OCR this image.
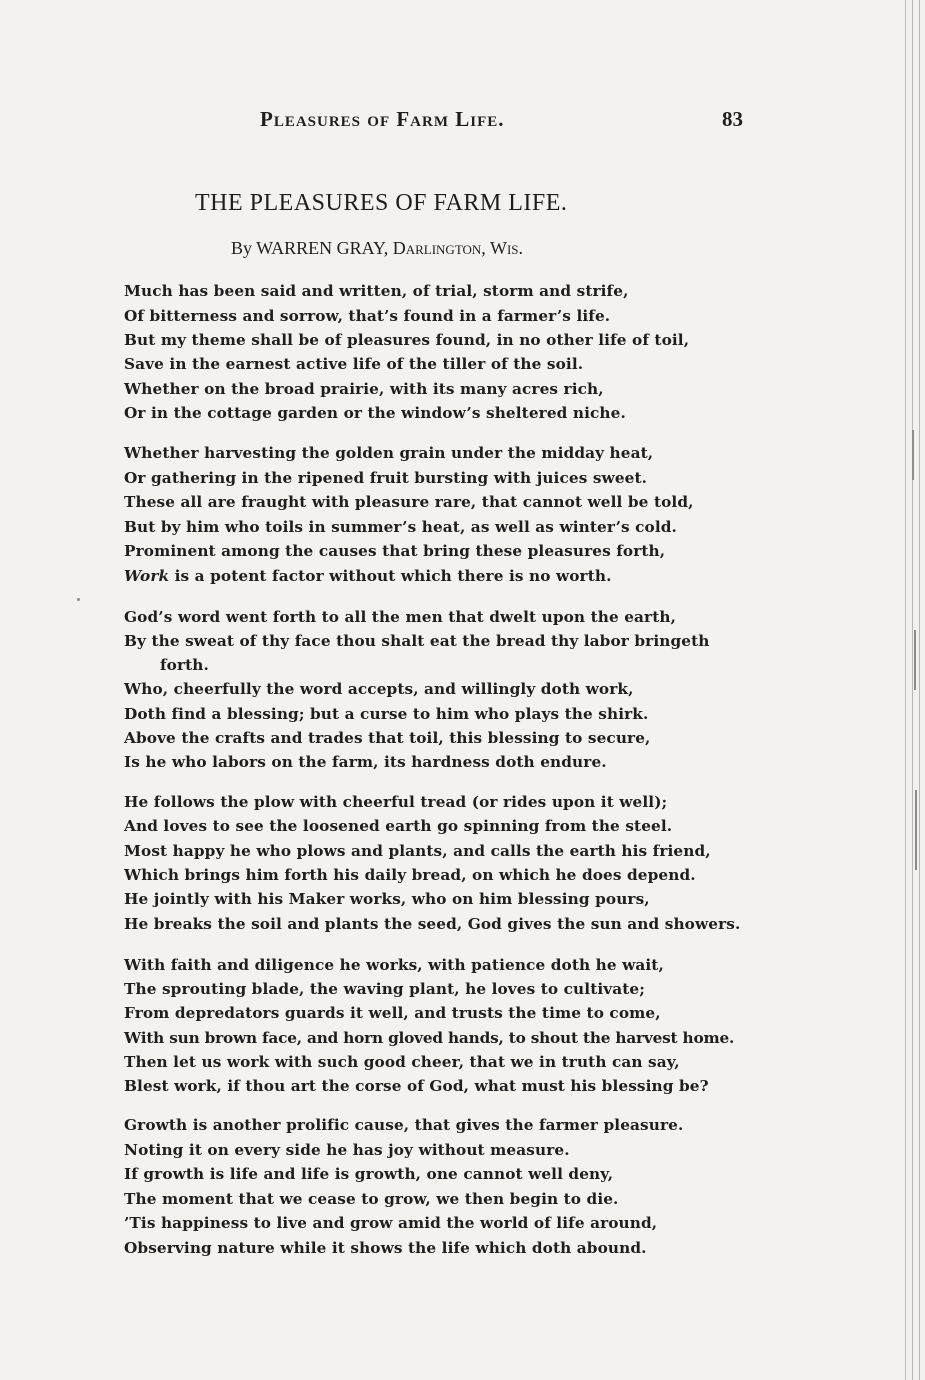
Pleasures of Farm Life.	83
THE PLEASURES OF FARM LIFE.
By WARREN GRAY, Darlington, Wis.
Much has been said and written, of trial, storm and strife,
Of bitterness and sorrow, that’s found in a farmer’s life.
But my theme shall be of pleasures found, in no other life of toil,
Save in the earnest active life of the tiller of the soil.
Whether on the broad prairie, with its many acres rich,
Or in the cottage garden or the window’s sheltered niche.
Whether harvesting the golden grain under the midday heat,
Or gathering in the ripened fruit bursting with juices sweet.
These all are fraught with pleasure rare, that cannot well be told,
But by him who toils in summer’s heat, as well as winter’s cold.
Prominent among the causes that bring these pleasures forth,
Work is a potent factor without which there is no worth.
God’s word went forth to all the men that dwelt upon the earth,
By the sweat of thy face thou shalt eat the bread thy labor bringeth
forth.
Who, cheerfully the word accepts, and willingly doth work,
Doth find a blessing; but a curse to him who plays the shirk.
Above the crafts and trades that toil, this blessing to secure,
Is he who labors on the farm, its hardness doth endure.
He follows the plow with cheerful tread (or rides upon it well);
And loves to see the loosened earth go spinning from the steel.
Most happy he who plows and plants, and calls the earth his friend,
Which brings him forth his daily bread, on which he does depend.
He jointly with his Maker works, who on him blessing pours,
He breaks the soil and plants the seed, God gives the sun and showers.
With faith and diligence he works, with patience doth he wait,
The sprouting blade, the waving plant, he loves to cultivate;
From depredators guards it well, and trusts the time to come,
With sun brown face, and horn gloved hands, to shout the harvest home.
Then let us work with such good cheer, that we in truth can say,
Blest work, if thou art the corse of God, what must his blessing be?
Growth is another prolific cause, that gives the farmer pleasure.
Noting it on every side he has joy without measure.
If growth is life and life is growth, one cannot well deny,
The moment that we cease to grow, we then begin to die.
’Tis happiness to live and grow amid the world of life around,
Observing nature while it shows the life which doth abound.
